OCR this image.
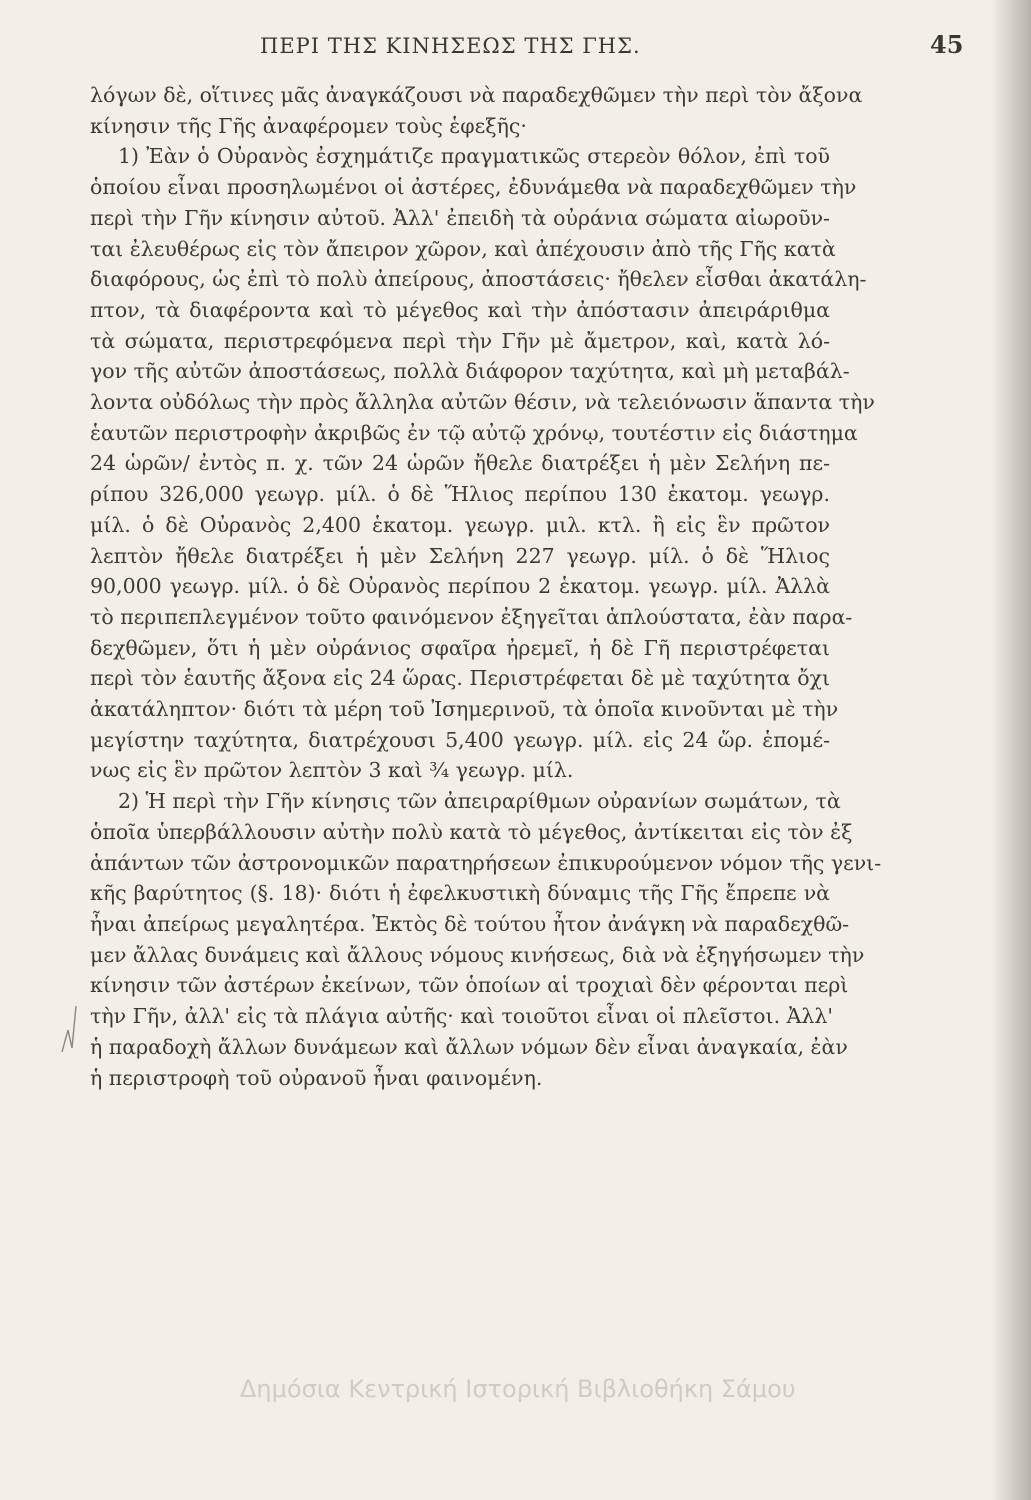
ΠΕΡΙ ΤΗΣ ΚΙΝΗΣΕΩΣ ΤΗΣ ΓΗΣ.	45
λόγων δὲ, οἵτινες μᾶς ἀναγκάζουσι νὰ παραδεχθῶμεν τὴν περὶ τὸν ἄξονα
κίνησιν τῆς Γῆς ἀναφέρομεν τοὺς ἑφεξῆς·
1) Ἐὰν ὁ Οὐρανὸς ἐσχημάτιζε πραγματικῶς στερεὸν θόλον, ἐπὶ τοῦ
ὁποίου εἶναι προσηλωμένοι οἱ ἀστέρες, ἐδυνάμεθα νὰ παραδεχθῶμεν τὴν
περὶ τὴν Γῆν κίνησιν αὐτοῦ. Ἀλλ' ἐπειδὴ τὰ οὐράνια σώματα αἰωροῦν-
ται ἐλευθέρως εἰς τὸν ἄπειρον χῶρον, καὶ ἀπέχουσιν ἀπὸ τῆς Γῆς κατὰ
διαφόρους, ὡς ἐπὶ τὸ πολὺ ἀπείρους, ἀποστάσεις· ἤθελεν εἶσθαι ἀκατάλη-
πτον, τὰ διαφέροντα καὶ τὸ μέγεθος καὶ τὴν ἀπόστασιν ἀπειράριθμα
τὰ σώματα, περιστρεφόμενα περὶ τὴν Γῆν μὲ ἄμετρον, καὶ, κατὰ λό-
γον τῆς αὐτῶν ἀποστάσεως, πολλὰ διάφορον ταχύτητα, καὶ μὴ μεταβάλ-
λοντα οὐδόλως τὴν πρὸς ἄλληλα αὐτῶν θέσιν, νὰ τελειόνωσιν ἅπαντα τὴν
ἑαυτῶν περιστροφὴν ἀκριβῶς ἐν τῷ αὐτῷ χρόνῳ, τουτέστιν εἰς διάστημα
24 ὡρῶν/ ἐντὸς π. χ. τῶν 24 ὡρῶν ἤθελε διατρέξει ἡ μὲν Σελήνη πε-
ρίπου 326,000 γεωγρ. μίλ. ὁ δὲ Ἥλιος περίπου 130 ἑκατομ. γεωγρ.
μίλ. ὁ δὲ Οὐρανὸς 2,400 ἑκατομ. γεωγρ. μιλ. κτλ. ἢ εἰς ἓν πρῶτον
λεπτὸν ἤθελε διατρέξει ἡ μὲν Σελήνη 227 γεωγρ. μίλ. ὁ δὲ Ἥλιος
90,000 γεωγρ. μίλ. ὁ δὲ Οὐρανὸς περίπου 2 ἑκατομ. γεωγρ. μίλ. Ἀλλὰ
τὸ περιπεπλεγμένον τοῦτο φαινόμενον ἐξηγεῖται ἁπλούστατα, ἐὰν παρα-
δεχθῶμεν, ὅτι ἡ μὲν οὐράνιος σφαῖρα ἠρεμεῖ, ἡ δὲ Γῆ περιστρέφεται
περὶ τὸν ἑαυτῆς ἄξονα εἰς 24 ὥρας. Περιστρέφεται δὲ μὲ ταχύτητα ὄχι
ἀκατάληπτον· διότι τὰ μέρη τοῦ Ἰσημερινοῦ, τὰ ὁποῖα κινοῦνται μὲ τὴν
μεγίστην ταχύτητα, διατρέχουσι 5,400 γεωγρ. μίλ. εἰς 24 ὥρ. ἑπομέ-
νως εἰς ἓν πρῶτον λεπτὸν 3 καὶ ¾ γεωγρ. μίλ.
2) Ἡ περὶ τὴν Γῆν κίνησις τῶν ἀπειραρίθμων οὐρανίων σωμάτων, τὰ
ὁποῖα ὑπερβάλλουσιν αὐτὴν πολὺ κατὰ τὸ μέγεθος, ἀντίκειται εἰς τὸν ἐξ
ἁπάντων τῶν ἀστρονομικῶν παρατηρήσεων ἐπικυρούμενον νόμον τῆς γενι-
κῆς βαρύτητος (§. 18)· διότι ἡ ἐφελκυστικὴ δύναμις τῆς Γῆς ἔπρεπε νὰ
ἦναι ἀπείρως μεγαλητέρα. Ἐκτὸς δὲ τούτου ἦτον ἀνάγκη νὰ παραδεχθῶ-
μεν ἄλλας δυνάμεις καὶ ἄλλους νόμους κινήσεως, διὰ νὰ ἐξηγήσωμεν τὴν
κίνησιν τῶν ἀστέρων ἐκείνων, τῶν ὁποίων αἱ τροχιαὶ δὲν φέρονται περὶ
τὴν Γῆν, ἀλλ' εἰς τὰ πλάγια αὐτῆς· καὶ τοιοῦτοι εἶναι οἱ πλεῖστοι. Ἀλλ'
ἡ παραδοχὴ ἄλλων δυνάμεων καὶ ἄλλων νόμων δὲν εἶναι ἀναγκαία, ἐὰν
ἡ περιστροφὴ τοῦ οὐρανοῦ ἦναι φαινομένη.
Δημόσια Κεντρική Ιστορική Βιβλιοθήκη Σάμου
